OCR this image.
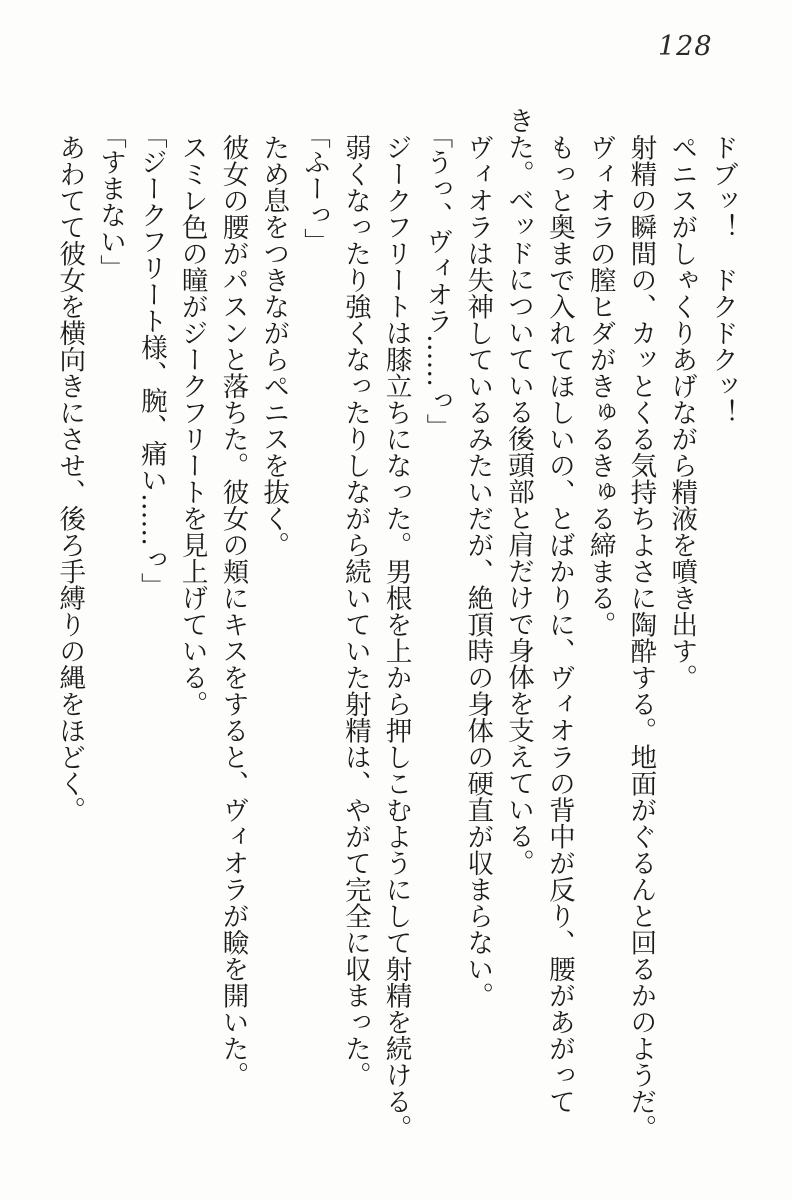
128

ドブッ！　ドクドクッ！

ペニスがしゃくりあげながら精液を噴き出す。

射精の瞬間の、カッとくる気持ちよさに陶酔する。地面がぐるんと回るかのようだ。

ヴィオラの膣ヒダがきゅるきゅる締まる。

もっと奥まで入れてほしいの、とばかりに、ヴィオラの背中が反り、腰があがって

きた。ベッドについている後頭部と肩だけで身体を支えている。

ヴィオラは失神しているみたいだが、絶頂時の身体の硬直が収まらない。

「うっ、ヴィオラ……っ」

ジークフリートは膝立ちになった。男根を上から押しこむようにして射精を続ける。

弱くなったり強くなったりしながら続いていた射精は、やがて完全に収まった。

「ふーっ」

ため息をつきながらペニスを抜く。

彼女の腰がパスンと落ちた。彼女の頬にキスをすると、ヴィオラが瞼を開いた。

スミレ色の瞳がジークフリートを見上げている。

「ジークフリート様、腕、痛い……っ」

「すまない」

あわてて彼女を横向きにさせ、後ろ手縛りの縄をほどく。
